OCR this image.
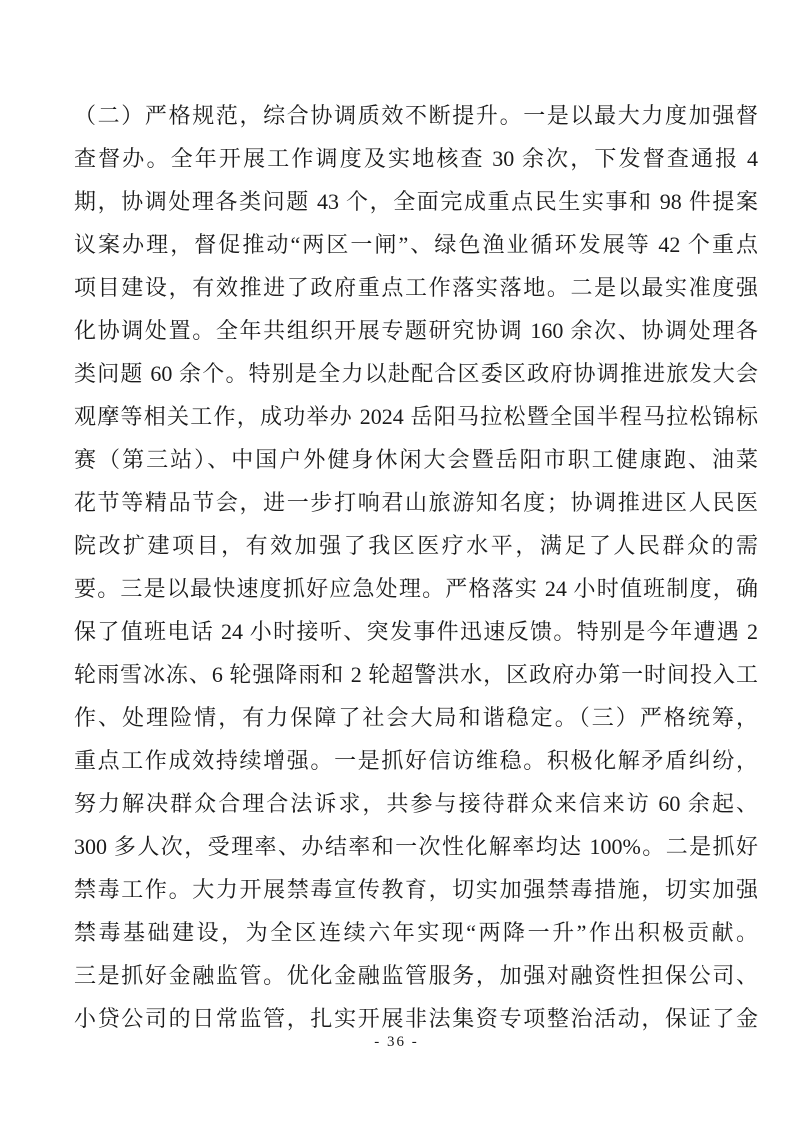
（二）严格规范，综合协调质效不断提升。一是以最大力度加强督
查督办。全年开展工作调度及实地核查 30 余次，下发督查通报 4
期，协调处理各类问题 43 个，全面完成重点民生实事和 98 件提案
议案办理，督促推动“两区一闸”、绿色渔业循环发展等 42 个重点
项目建设，有效推进了政府重点工作落实落地。二是以最实准度强
化协调处置。全年共组织开展专题研究协调 160 余次、协调处理各
类问题 60 余个。特别是全力以赴配合区委区政府协调推进旅发大会
观摩等相关工作，成功举办 2024 岳阳马拉松暨全国半程马拉松锦标
赛（第三站）、中国户外健身休闲大会暨岳阳市职工健康跑、油菜
花节等精品节会，进一步打响君山旅游知名度；协调推进区人民医
院改扩建项目，有效加强了我区医疗水平，满足了人民群众的需
要。三是以最快速度抓好应急处理。严格落实 24 小时值班制度，确
保了值班电话 24 小时接听、突发事件迅速反馈。特别是今年遭遇 2
轮雨雪冰冻、6 轮强降雨和 2 轮超警洪水，区政府办第一时间投入工
作、处理险情，有力保障了社会大局和谐稳定。（三）严格统筹，
重点工作成效持续增强。一是抓好信访维稳。积极化解矛盾纠纷，
努力解决群众合理合法诉求，共参与接待群众来信来访 60 余起、
300 多人次，受理率、办结率和一次性化解率均达 100%。二是抓好
禁毒工作。大力开展禁毒宣传教育，切实加强禁毒措施，切实加强
禁毒基础建设，为全区连续六年实现“两降一升”作出积极贡献。
三是抓好金融监管。优化金融监管服务，加强对融资性担保公司、
小贷公司的日常监管，扎实开展非法集资专项整治活动，保证了金
- 36 -
